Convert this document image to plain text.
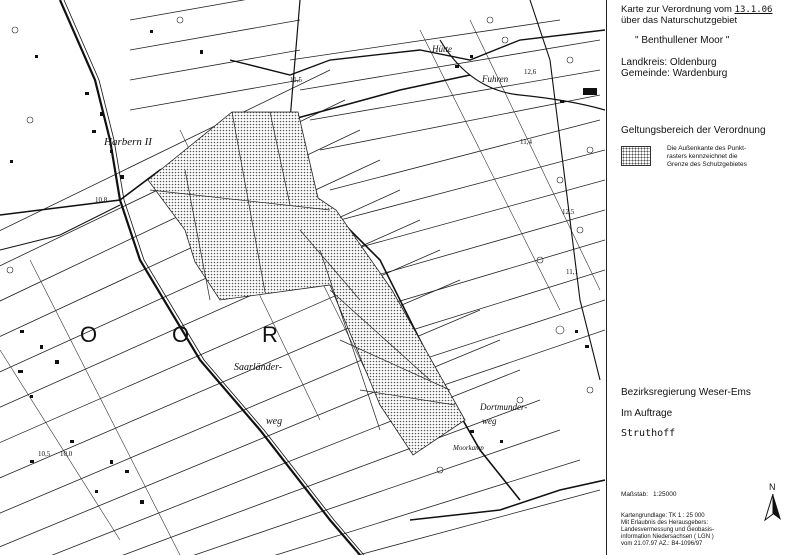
Harbern II
O	O	R
Saarländer-
weg
Dortmunder-
weg
Fuhren
Hütte
Moorkamp
11,5
10,8
12,5
11,1
10,5
12,6
11,4
10,0
Karte zur Verordnung vom 13.1.06
über das Naturschutzgebiet
" Benthullener Moor "
Landkreis: Oldenburg
Gemeinde: Wardenburg
Geltungsbereich der Verordnung
Die Außenkante des Punkt-
rasters kennzeichnet die
Grenze des Schutzgebietes
Bezirksregierung Weser-Ems
Im Auftrage
Struthoff
Maßstab: 1:25000
N
Kartengrundlage: TK 1 : 25 000
Mit Erlaubnis des Herausgebers:
Landesvermessung und Geobasis-
information Niedersachsen ( LGN )
vom 21.07.97 AZ.: B4-1096/97
